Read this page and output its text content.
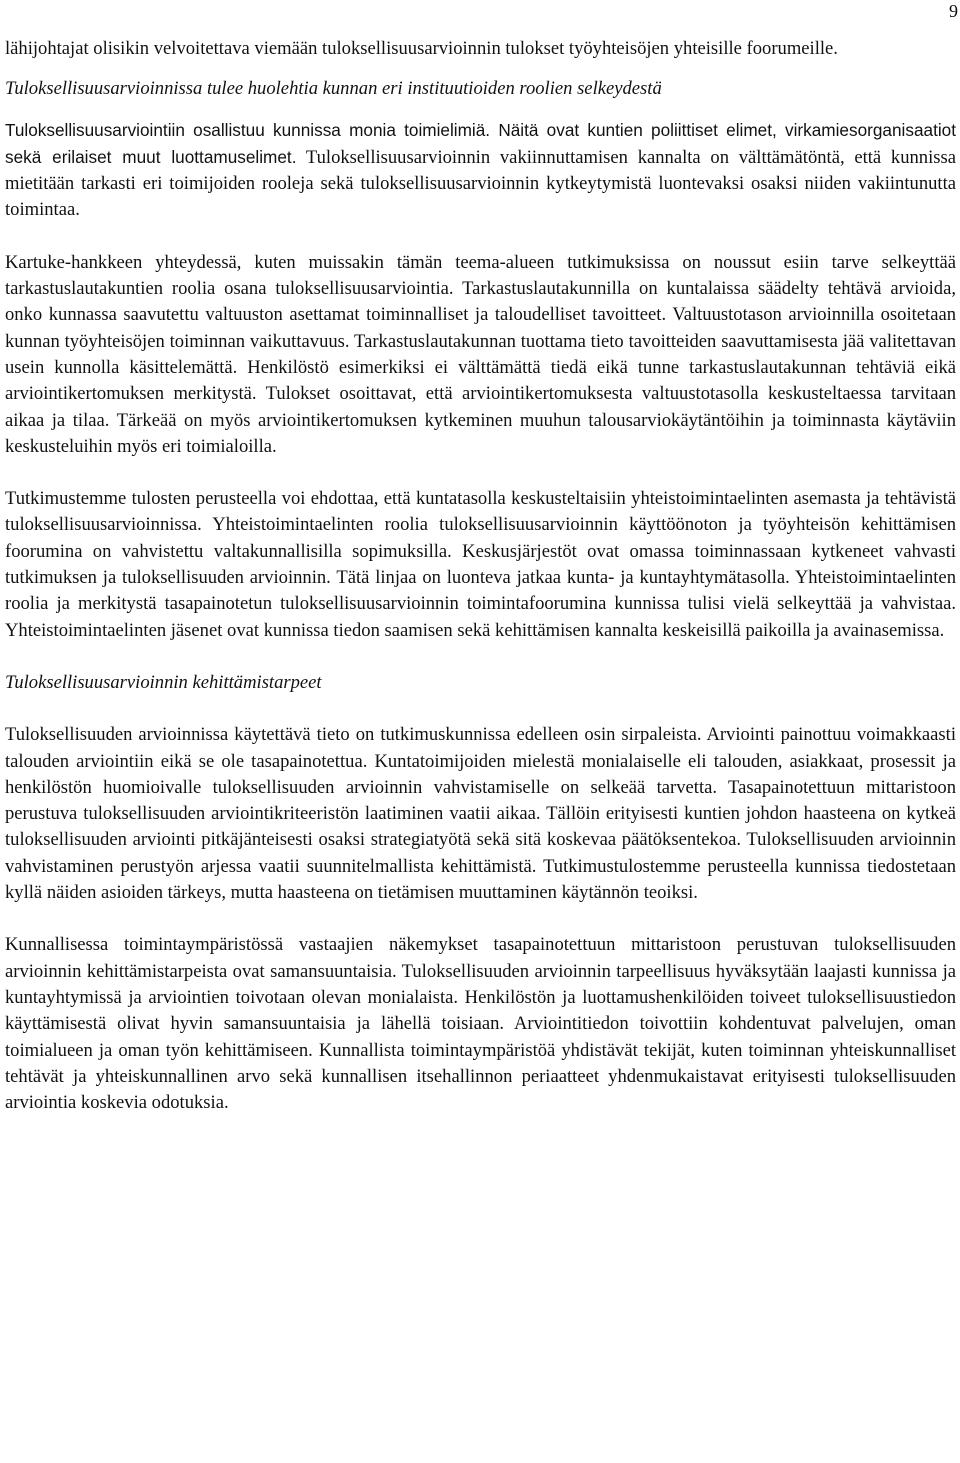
9

lähijohtajat olisikin velvoitettava viemään tuloksellisuusarvioinnin tulokset työyhteisöjen yhteisille foorumeille.

Tuloksellisuusarvioinnissa tulee huolehtia kunnan eri instituutioiden roolien selkeydestä

Tuloksellisuusarviointiin osallistuu kunnissa monia toimielimiä. Näitä ovat kuntien poliittiset elimet, virkamiesorganisaatiot sekä erilaiset muut luottamuselimet. Tuloksellisuusarvioinnin vakiinnuttamisen kannalta on välttämätöntä, että kunnissa mietitään tarkasti eri toimijoiden rooleja sekä tuloksellisuusarvioinnin kytkeytymistä luontevaksi osaksi niiden vakiintunutta toimintaa.

Kartuke-hankkeen yhteydessä, kuten muissakin tämän teema-alueen tutkimuksissa on noussut esiin tarve selkeyttää tarkastuslautakuntien roolia osana tuloksellisuusarviointia. Tarkastuslautakunnilla on kuntalaissa säädelty tehtävä arvioida, onko kunnassa saavutettu valtuuston asettamat toiminnalliset ja taloudelliset tavoitteet. Valtuustotason arvioinnilla osoitetaan kunnan työyhteisöjen toiminnan vaikuttavuus. Tarkastuslautakunnan tuottama tieto tavoitteiden saavuttamisesta jää valitettavan usein kunnolla käsittelemättä. Henkilöstö esimerkiksi ei välttämättä tiedä eikä tunne tarkastuslautakunnan tehtäviä eikä arviointikertomuksen merkitystä. Tulokset osoittavat, että arviointikertomuksesta valtuustotasolla keskusteltaessa tarvitaan aikaa ja tilaa. Tärkeää on myös arviointikertomuksen kytkeminen muuhun talousarviokäytäntöihin ja toiminnasta käytäviin keskusteluihin myös eri toimialoilla.

Tutkimustemme tulosten perusteella voi ehdottaa, että kuntatasolla keskusteltaisiin yhteistoimintaelinten asemasta ja tehtävistä tuloksellisuusarvioinnissa. Yhteistoimintaelinten roolia tuloksellisuusarvioinnin käyttöönoton ja työyhteisön kehittämisen foorumina on vahvistettu valtakunnallisilla sopimuksilla. Keskusjärjestöt ovat omassa toiminnassaan kytkeneet vahvasti tutkimuksen ja tuloksellisuuden arvioinnin. Tätä linjaa on luonteva jatkaa kunta- ja kuntayhtymätasolla. Yhteistoimintaelinten roolia ja merkitystä tasapainotetun tuloksellisuusarvioinnin toimintafoorumina kunnissa tulisi vielä selkeyttää ja vahvistaa. Yhteistoimintaelinten jäsenet ovat kunnissa tiedon saamisen sekä kehittämisen kannalta keskeisillä paikoilla ja avainasemissa.

Tuloksellisuusarvioinnin kehittämistarpeet

Tuloksellisuuden arvioinnissa käytettävä tieto on tutkimuskunnissa edelleen osin sirpaleista. Arviointi painottuu voimakkaasti talouden arviointiin eikä se ole tasapainotettua. Kuntatoimijoiden mielestä monialaiselle eli talouden, asiakkaat, prosessit ja henkilöstön huomioivalle tuloksellisuuden arvioinnin vahvistamiselle on selkeää tarvetta. Tasapainotettuun mittaristoon perustuva tuloksellisuuden arviointikriteeristön laatiminen vaatii aikaa. Tällöin erityisesti kuntien johdon haasteena on kytkeä tuloksellisuuden arviointi pitkäjänteisesti osaksi strategiatyötä sekä sitä koskevaa päätöksentekoa. Tuloksellisuuden arvioinnin vahvistaminen perustyön arjessa vaatii suunnitelmallista kehittämistä. Tutkimustulostemme perusteella kunnissa tiedostetaan kyllä näiden asioiden tärkeys, mutta haasteena on tietämisen muuttaminen käytännön teoiksi.

Kunnallisessa toimintaympäristössä vastaajien näkemykset tasapainotettuun mittaristoon perustuvan tuloksellisuuden arvioinnin kehittämistarpeista ovat samansuuntaisia. Tuloksellisuuden arvioinnin tarpeellisuus hyväksytään laajasti kunnissa ja kuntayhtymissä ja arviointien toivotaan olevan monialaista. Henkilöstön ja luottamushenkilöiden toiveet tuloksellisuustiedon käyttämisestä olivat hyvin samansuuntaisia ja lähellä toisiaan. Arviointitiedon toivottiin kohdentuvat palvelujen, oman toimialueen ja oman työn kehittämiseen. Kunnallista toimintaympäristöä yhdistävät tekijät, kuten toiminnan yhteiskunnalliset tehtävät ja yhteiskunnallinen arvo sekä kunnallisen itsehallinnon periaatteet yhdenmukaistavat erityisesti tuloksellisuuden arviointia koskevia odotuksia.
